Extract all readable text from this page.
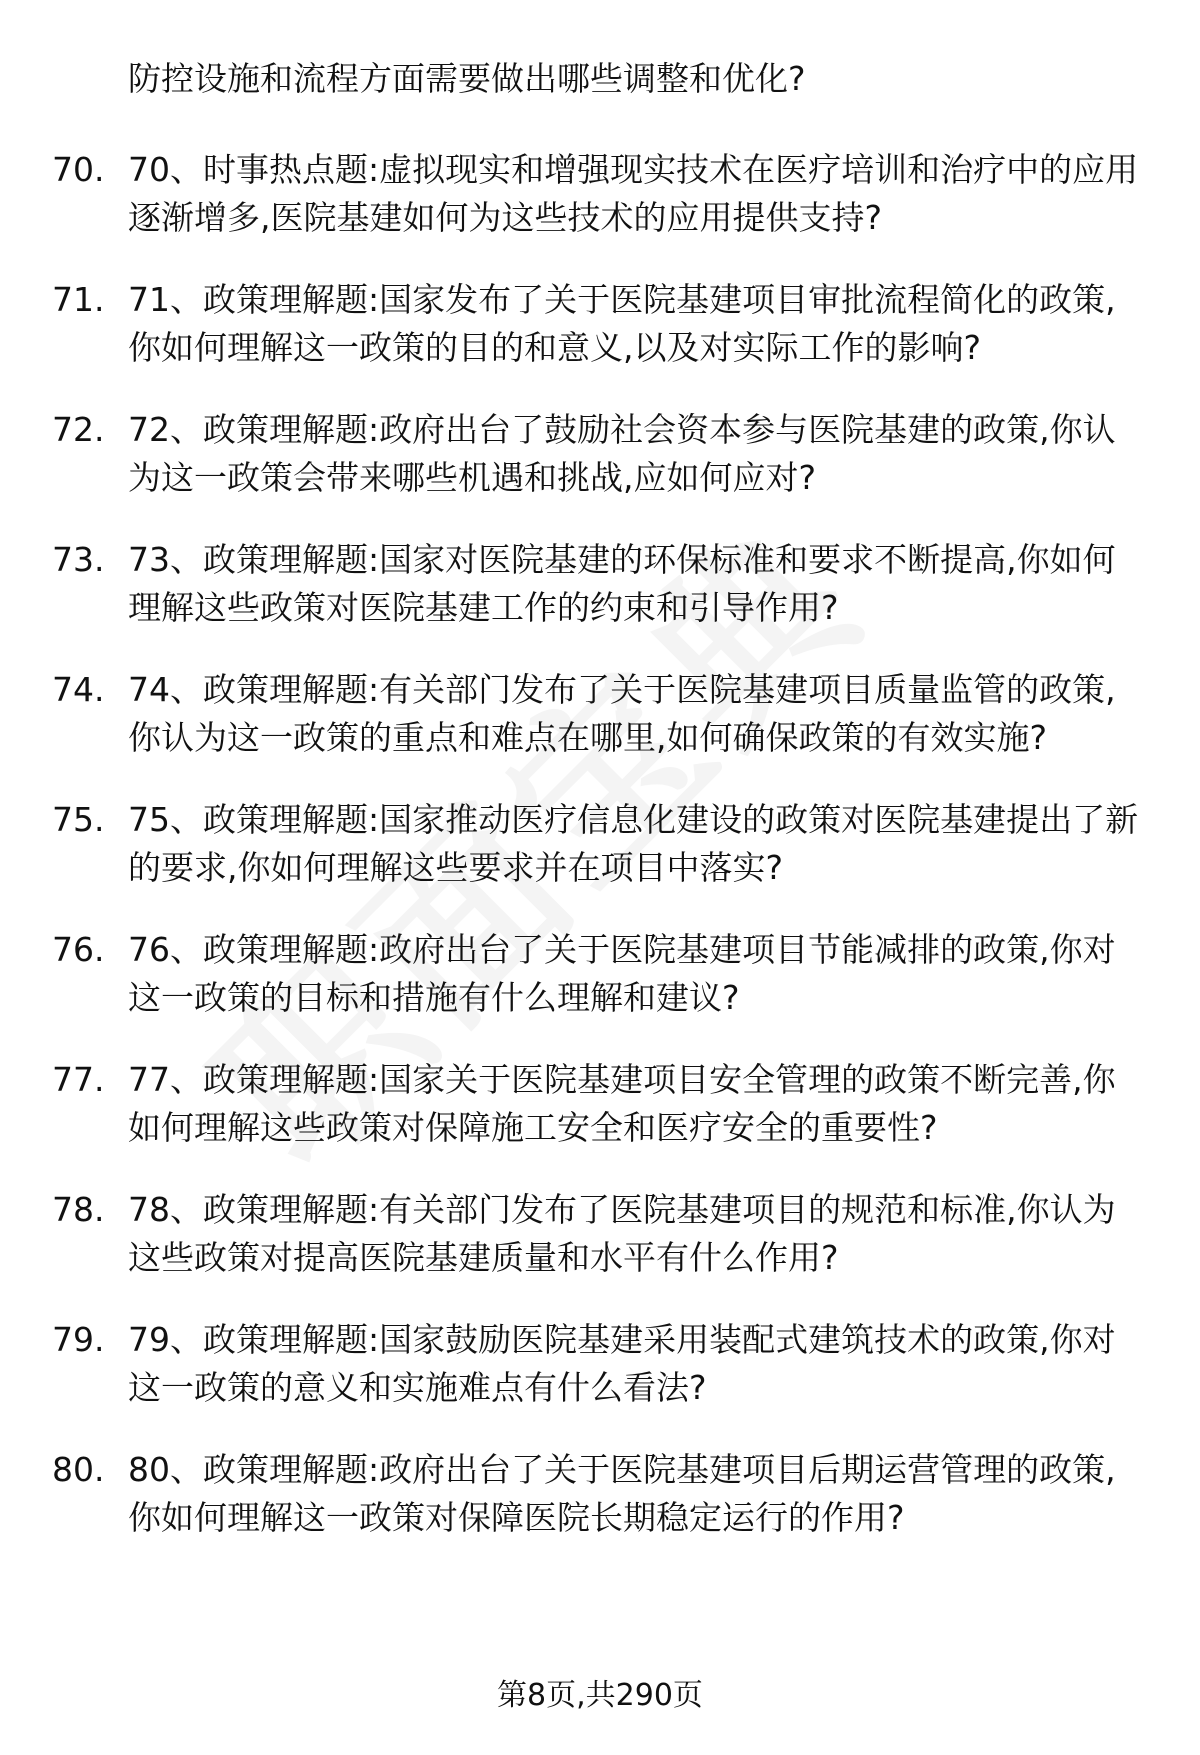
防控设施和流程方面需要做出哪些调整和优化?
70. 70、时事热点题:虚拟现实和增强现实技术在医疗培训和治疗中的应用逐渐增多,医院基建如何为这些技术的应用提供支持?
71. 71、政策理解题:国家发布了关于医院基建项目审批流程简化的政策,你如何理解这一政策的目的和意义,以及对实际工作的影响?
72. 72、政策理解题:政府出台了鼓励社会资本参与医院基建的政策,你认为这一政策会带来哪些机遇和挑战,应如何应对?
73. 73、政策理解题:国家对医院基建的环保标准和要求不断提高,你如何理解这些政策对医院基建工作的约束和引导作用?
74. 74、政策理解题:有关部门发布了关于医院基建项目质量监管的政策,你认为这一政策的重点和难点在哪里,如何确保政策的有效实施?
75. 75、政策理解题:国家推动医疗信息化建设的政策对医院基建提出了新的要求,你如何理解这些要求并在项目中落实?
76. 76、政策理解题:政府出台了关于医院基建项目节能减排的政策,你对这一政策的目标和措施有什么理解和建议?
77. 77、政策理解题:国家关于医院基建项目安全管理的政策不断完善,你如何理解这些政策对保障施工安全和医疗安全的重要性?
78. 78、政策理解题:有关部门发布了医院基建项目的规范和标准,你认为这些政策对提高医院基建质量和水平有什么作用?
79. 79、政策理解题:国家鼓励医院基建采用装配式建筑技术的政策,你对这一政策的意义和实施难点有什么看法?
80. 80、政策理解题:政府出台了关于医院基建项目后期运营管理的政策,你如何理解这一政策对保障医院长期稳定运行的作用?
第8页,共290页
